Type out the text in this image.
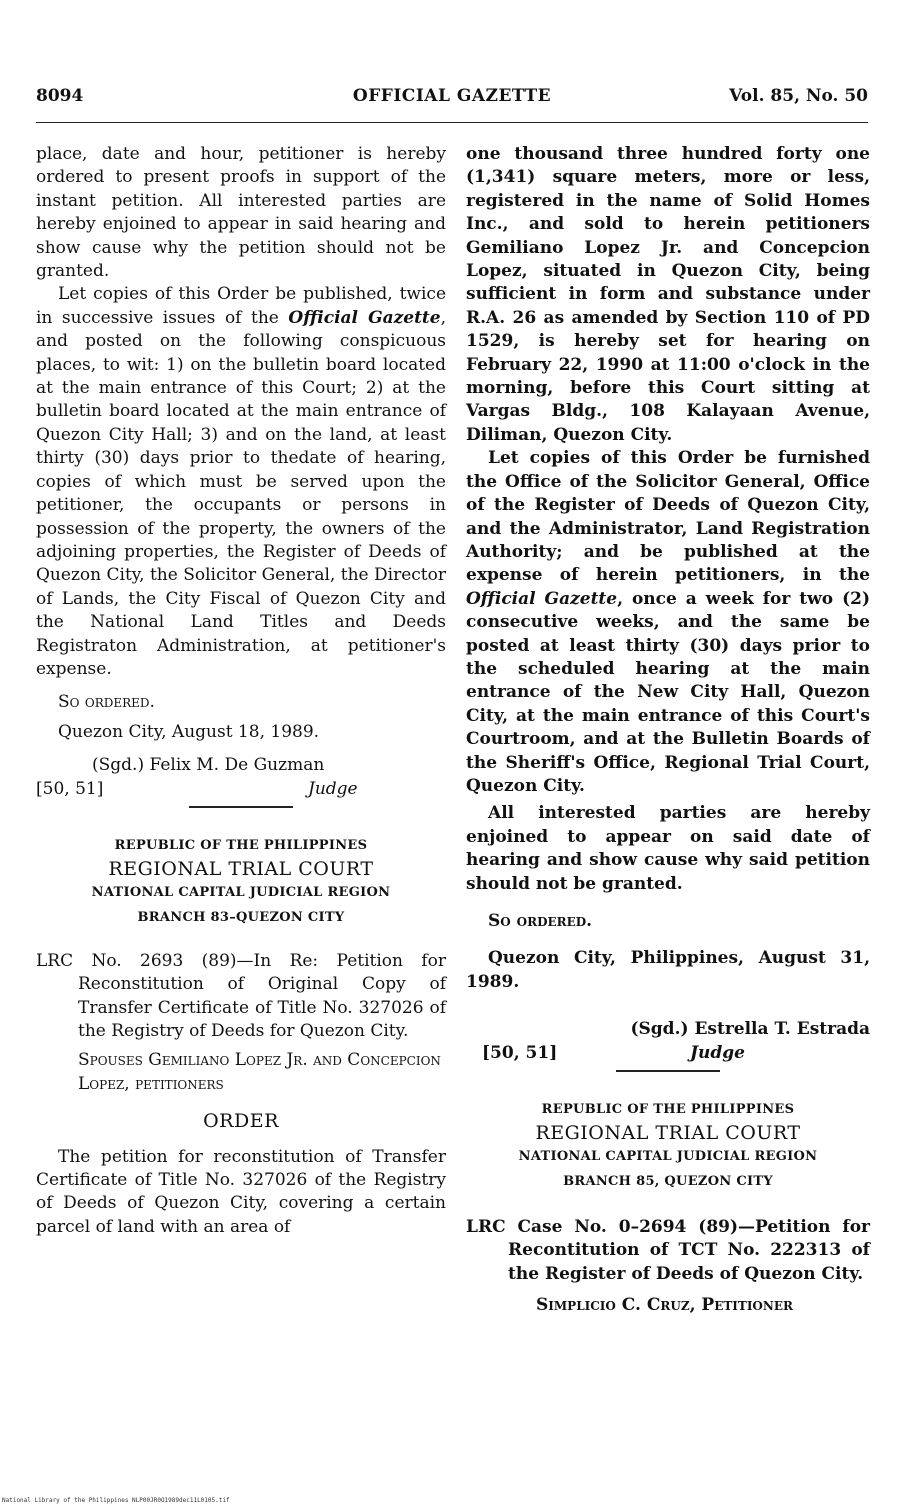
8094	OFFICIAL GAZETTE	Vol. 85, No. 50

place, date and hour, petitioner is hereby ordered to present proofs in support of the instant petition. All interested parties are hereby enjoined to appear in said hearing and show cause why the petition should not be granted.

Let copies of this Order be published, twice in successive issues of the Official Gazette, and posted on the following conspicuous places, to wit: 1) on the bulletin board located at the main entrance of this Court; 2) at the bulletin board located at the main entrance of Quezon City Hall; 3) and on the land, at least thirty (30) days prior to thedate of hearing, copies of which must be served upon the petitioner, the occupants or persons in possession of the property, the owners of the adjoining properties, the Register of Deeds of Quezon City, the Solicitor General, the Director of Lands, the City Fiscal of Quezon City and the National Land Titles and Deeds Registraton Administration, at petitioner's expense.

So ordered.

Quezon City, August 18, 1989.

(Sgd.) Felix M. De Guzman
[50, 51]	Judge
REPUBLIC OF THE PHILIPPINES
REGIONAL TRIAL COURT
NATIONAL CAPITAL JUDICIAL REGION
BRANCH 83–QUEZON CITY

LRC No. 2693 (89)—In Re: Petition for Reconstitution of Original Copy of Transfer Certificate of Title No. 327026 of the Registry of Deeds for Quezon City.

Spouses Gemiliano Lopez Jr. and Concepcion Lopez, petitioners

ORDER

The petition for reconstitution of Transfer Certificate of Title No. 327026 of the Registry of Deeds of Quezon City, covering a certain parcel of land with an area of

one thousand three hundred forty one (1,341) square meters, more or less, registered in the name of Solid Homes Inc., and sold to herein petitioners Gemiliano Lopez Jr. and Concepcion Lopez, situated in Quezon City, being sufficient in form and substance under R.A. 26 as amended by Section 110 of PD 1529, is hereby set for hearing on February 22, 1990 at 11:00 o'clock in the morning, before this Court sitting at Vargas Bldg., 108 Kalayaan Avenue, Diliman, Quezon City.

Let copies of this Order be furnished the Office of the Solicitor General, Office of the Register of Deeds of Quezon City, and the Administrator, Land Registration Authority; and be published at the expense of herein petitioners, in the Official Gazette, once a week for two (2) consecutive weeks, and the same be posted at least thirty (30) days prior to the scheduled hearing at the main entrance of the New City Hall, Quezon City, at the main entrance of this Court's Courtroom, and at the Bulletin Boards of the Sheriff's Office, Regional Trial Court, Quezon City.

All interested parties are hereby enjoined to appear on said date of hearing and show cause why said petition should not be granted.

So ordered.

Quezon City, Philippines, August 31, 1989.

(Sgd.) Estrella T. Estrada
[50, 51]	Judge
REPUBLIC OF THE PHILIPPINES
REGIONAL TRIAL COURT
NATIONAL CAPITAL JUDICIAL REGION
BRANCH 85, QUEZON CITY

LRC Case No. 0–2694 (89)—Petition for Recontitution of TCT No. 222313 of the Register of Deeds of Quezon City.

Simplicio C. Cruz, Petitioner

National Library of the Philippines NLP00JR0O1989dec11L0105.tif
